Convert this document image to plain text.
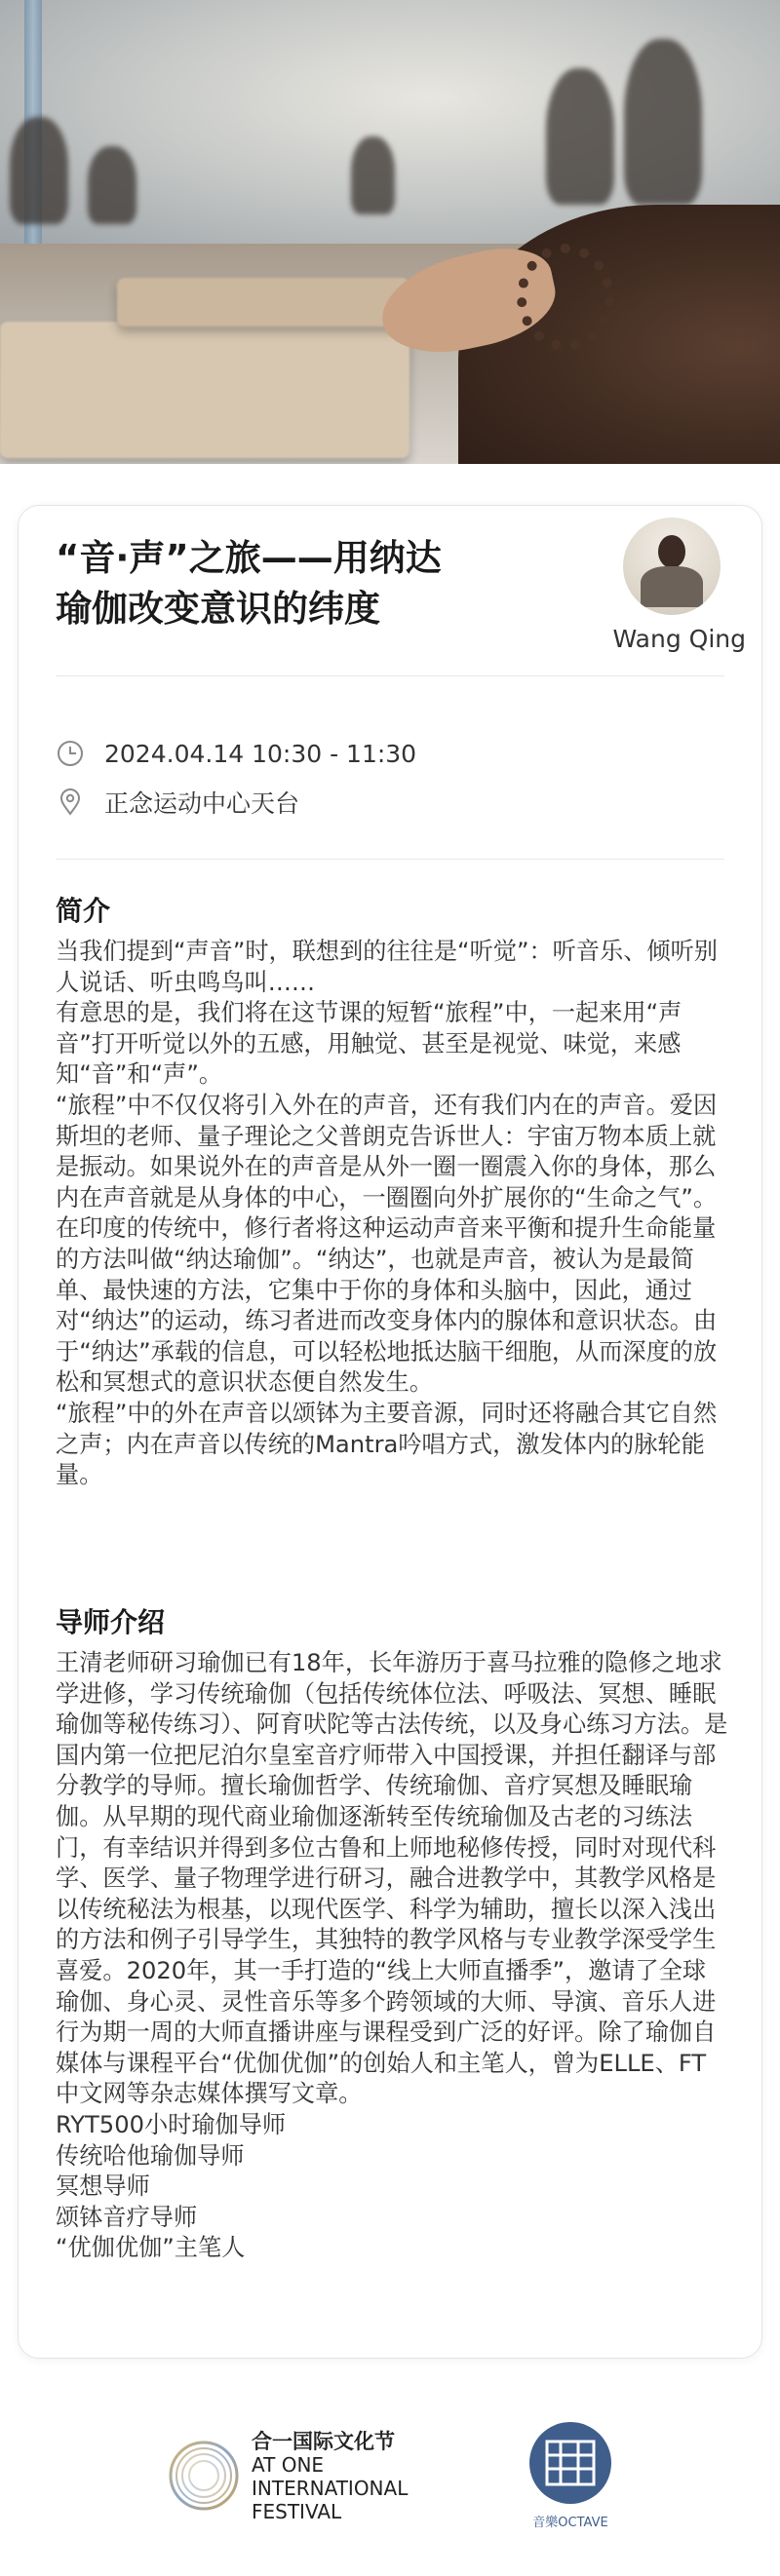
“音·声”之旅——用纳达
瑜伽改变意识的纬度
Wang Qing
2024.04.14 10:30 - 11:30
正念运动中心天台
简介
当我们提到“声音”时，联想到的往往是“听觉”：听音乐、倾听别人说话、听虫鸣鸟叫……
有意思的是，我们将在这节课的短暂“旅程”中，一起来用“声音”打开听觉以外的五感，用触觉、甚至是视觉、味觉，来感知“音”和“声”。
“旅程”中不仅仅将引入外在的声音，还有我们内在的声音。爱因斯坦的老师、量子理论之父普朗克告诉世人：宇宙万物本质上就是振动。如果说外在的声音是从外一圈一圈震入你的身体，那么内在声音就是从身体的中心，一圈圈向外扩展你的“生命之气”。
在印度的传统中，修行者将这种运动声音来平衡和提升生命能量的方法叫做“纳达瑜伽”。“纳达”，也就是声音，被认为是最简单、最快速的方法，它集中于你的身体和头脑中，因此，通过对“纳达”的运动，练习者进而改变身体内的腺体和意识状态。由于“纳达”承载的信息，可以轻松地抵达脑干细胞，从而深度的放松和冥想式的意识状态便自然发生。
“旅程”中的外在声音以颂钵为主要音源，同时还将融合其它自然之声；内在声音以传统的Mantra吟唱方式，激发体内的脉轮能量。
导师介绍
王清老师研习瑜伽已有18年，长年游历于喜马拉雅的隐修之地求学进修，学习传统瑜伽（包括传统体位法、呼吸法、冥想、睡眠瑜伽等秘传练习）、阿育吠陀等古法传统，以及身心练习方法。是国内第一位把尼泊尔皇室音疗师带入中国授课，并担任翻译与部分教学的导师。擅长瑜伽哲学、传统瑜伽、音疗冥想及睡眠瑜伽。从早期的现代商业瑜伽逐渐转至传统瑜伽及古老的习练法门，有幸结识并得到多位古鲁和上师地秘修传授，同时对现代科学、医学、量子物理学进行研习，融合进教学中，其教学风格是以传统秘法为根基，以现代医学、科学为辅助，擅长以深入浅出的方法和例子引导学生，其独特的教学风格与专业教学深受学生喜爱。2020年，其一手打造的“线上大师直播季”，邀请了全球瑜伽、身心灵、灵性音乐等多个跨领域的大师、导演、音乐人进行为期一周的大师直播讲座与课程受到广泛的好评。除了瑜伽自媒体与课程平台“优伽优伽”的创始人和主笔人，曾为ELLE、FT中文网等杂志媒体撰写文章。
RYT500小时瑜伽导师
传统哈他瑜伽导师
冥想导师
颂钵音疗导师
“优伽优伽”主笔人
合一国际文化节
AT ONE
INTERNATIONAL
FESTIVAL	音樂OCTAVE
